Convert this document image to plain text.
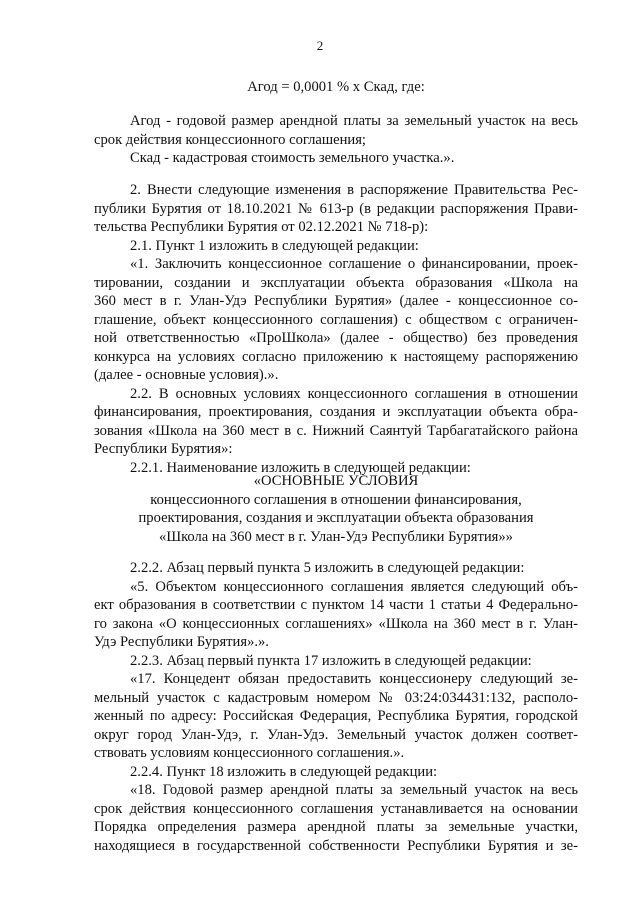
2
Агод = 0,0001 % х Скад, где:
Агод - годовой размер арендной платы за земельный участок на весь
срок действия концессионного соглашения;
Скад - кадастровая стоимость земельного участка.».
2. Внести следующие изменения в распоряжение Правительства Рес-
публики Бурятия от 18.10.2021 № 613-р (в редакции распоряжения Прави-
тельства Республики Бурятия от 02.12.2021 № 718-р):
2.1. Пункт 1 изложить в следующей редакции:
«1. Заключить концессионное соглашение о финансировании, проек-
тировании, создании и эксплуатации объекта образования «Школа на
360 мест в г. Улан-Удэ Республики Бурятия» (далее - концессионное со-
глашение, объект концессионного соглашения) с обществом с ограничен-
ной ответственностью «ПроШкола» (далее - общество) без проведения
конкурса на условиях согласно приложению к настоящему распоряжению
(далее - основные условия).».
2.2. В основных условиях концессионного соглашения в отношении
финансирования, проектирования, создания и эксплуатации объекта обра-
зования «Школа на 360 мест в с. Нижний Саянтуй Тарбагатайского района
Республики Бурятия»:
2.2.1. Наименование изложить в следующей редакции:
«ОСНОВНЫЕ УСЛОВИЯ
концессионного соглашения в отношении финансирования,
проектирования, создания и эксплуатации объекта образования
«Школа на 360 мест в г. Улан-Удэ Республики Бурятия»»
2.2.2. Абзац первый пункта 5 изложить в следующей редакции:
«5. Объектом концессионного соглашения является следующий объ-
ект образования в соответствии с пунктом 14 части 1 статьи 4 Федерально-
го закона «О концессионных соглашениях» «Школа на 360 мест в г. Улан-
Удэ Республики Бурятия».».
2.2.3. Абзац первый пункта 17 изложить в следующей редакции:
«17. Концедент обязан предоставить концессионеру следующий зе-
мельный участок с кадастровым номером № 03:24:034431:132, располо-
женный по адресу: Российская Федерация, Республика Бурятия, городской
округ город Улан-Удэ, г. Улан-Удэ. Земельный участок должен соответ-
ствовать условиям концессионного соглашения.».
2.2.4. Пункт 18 изложить в следующей редакции:
«18. Годовой размер арендной платы за земельный участок на весь
срок действия концессионного соглашения устанавливается на основании
Порядка определения размера арендной платы за земельные участки,
находящиеся в государственной собственности Республики Бурятия и зе-
